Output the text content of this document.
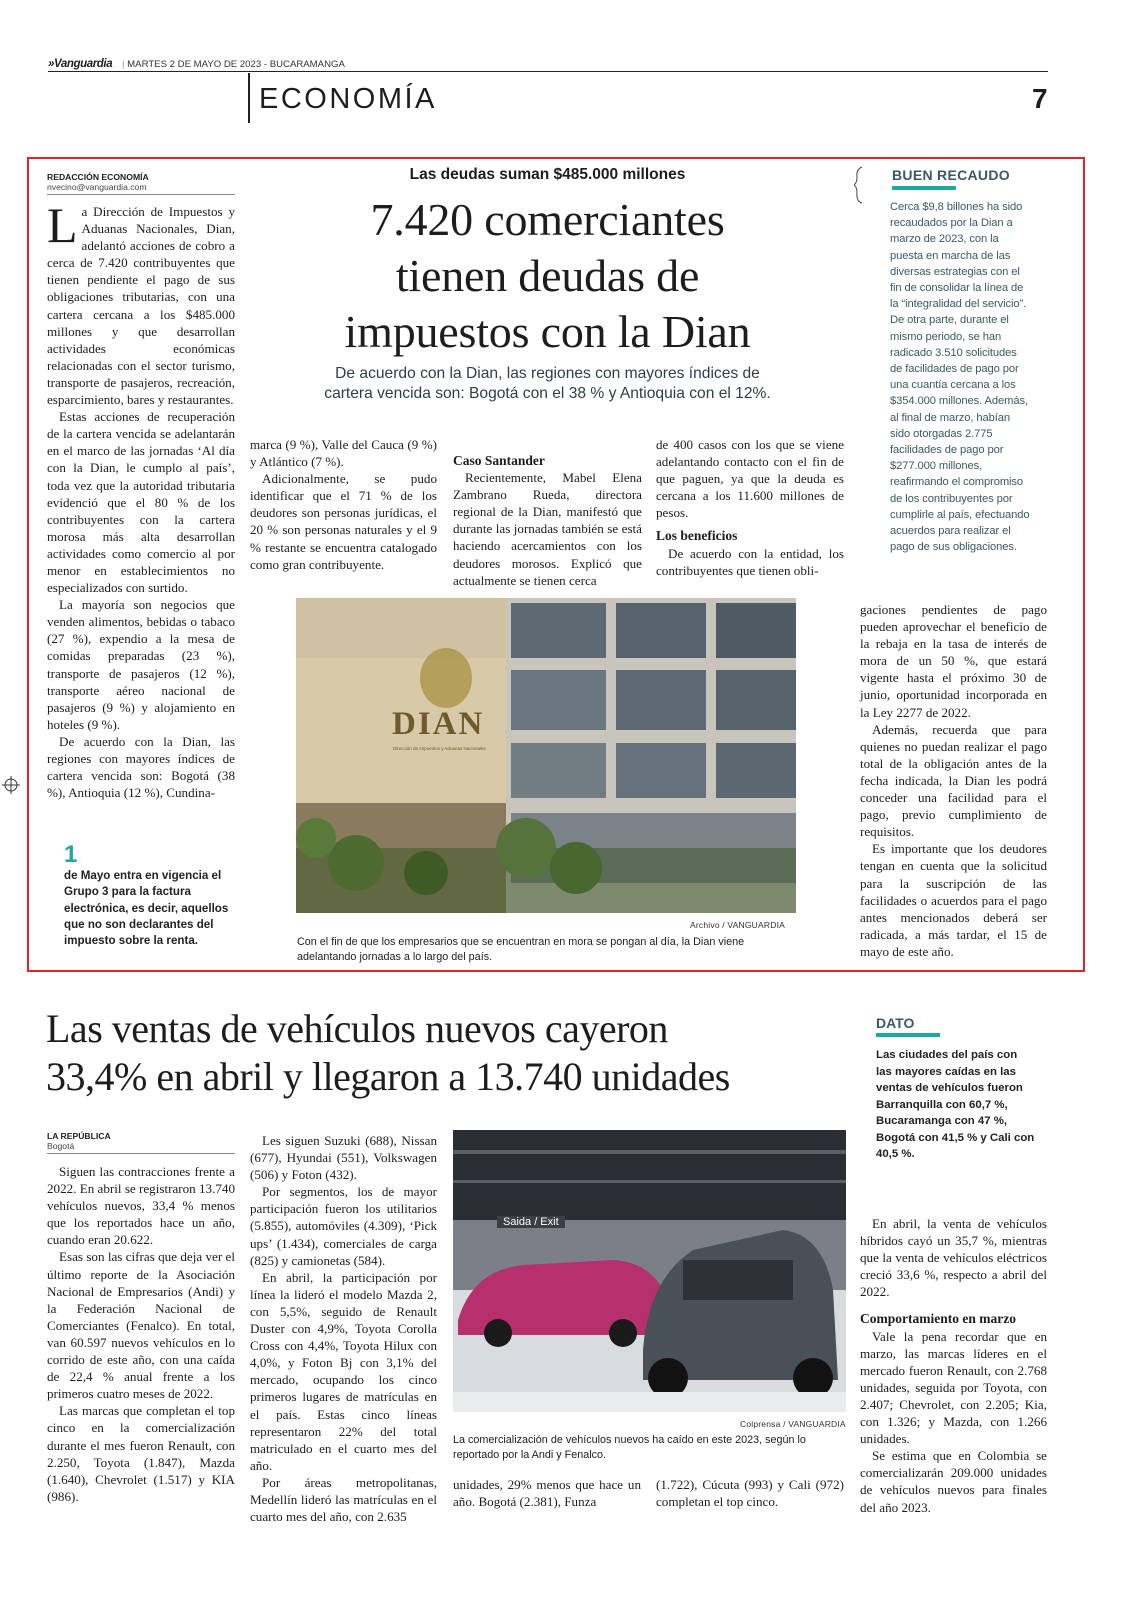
»Vanguardia | MARTES 2 DE MAYO DE 2023 - BUCARAMANGA
ECONOMÍA	7
REDACCIÓN ECONOMÍA
nvecino@vanguardia.com
Las deudas suman $485.000 millones
7.420 comerciantes
tienen deudas de
impuestos con la Dian
De acuerdo con la Dian, las regiones con mayores índices de
cartera vencida son: Bogotá con el 38 % y Antioquia con el 12%.

La Dirección de Impuestos y Aduanas Nacionales, Dian, adelantó acciones de cobro a cerca de 7.420 contribuyentes que tienen pendiente el pago de sus obligaciones tributarias, con una cartera cercana a los $485.000 millones y que desarrollan actividades económicas relacionadas con el sector turismo, transporte de pasajeros, recreación, esparcimiento, bares y restaurantes.

Estas acciones de recuperación de la cartera vencida se adelantarán en el marco de las jornadas ‘Al día con la Dian, le cumplo al país’, toda vez que la autoridad tributaria evidenció que el 80 % de los contribuyentes con la cartera morosa más alta desarrollan actividades como comercio al por menor en establecimientos no especializados con surtido.

La mayoría son negocios que venden alimentos, bebidas o tabaco (27 %), expendio a la mesa de comidas preparadas (23 %), transporte de pasajeros (12 %), transporte aéreo nacional de pasajeros (9 %) y alojamiento en hoteles (9 %).

De acuerdo con la Dian, las regiones con mayores índices de cartera vencida son: Bogotá (38 %), Antioquia (12 %), Cundina-

1
de Mayo entra en vigencia el Grupo 3 para la factura electrónica, es decir, aquellos que no son declarantes del impuesto sobre la renta.

marca (9 %), Valle del Cauca (9 %) y Atlántico (7 %).

Adicionalmente, se pudo identificar que el 71 % de los deudores son personas jurídicas, el 20 % son personas naturales y el 9 % restante se encuentra catalogado como gran contribuyente.

Caso Santander

Recientemente, Mabel Elena Zambrano Rueda, directora regional de la Dian, manifestó que durante las jornadas también se está haciendo acercamientos con los deudores morosos. Explicó que actualmente se tienen cerca

de 400 casos con los que se viene adelantando contacto con el fin de que paguen, ya que la deuda es cercana a los 11.600 millones de pesos.

Los beneficios

De acuerdo con la entidad, los contribuyentes que tienen obli-

BUEN RECAUDO
Cerca $9,8 billones ha sido recaudados por la Dian a marzo de 2023, con la puesta en marcha de las diversas estrategias con el fin de consolidar la línea de la “integralidad del servicio”. De otra parte, durante el mismo periodo, se han radicado 3.510 solicitudes de facilidades de pago por una cuantía cercana a los $354.000 millones. Además, al final de marzo, habían sido otorgadas 2.775 facilidades de pago por $277.000 millones, reafirmando el compromiso de los contribuyentes por cumplirle al país, efectuando acuerdos para realizar el pago de sus obligaciones.
DIAN
Dirección de Impuestos y Aduanas Nacionales
Archivo / VANGUARDIA
Con el fin de que los empresarios que se encuentran en mora se pongan al día, la Dian viene adelantando jornadas a lo largo del país.

gaciones pendientes de pago pueden aprovechar el beneficio de la rebaja en la tasa de interés de mora de un 50 %, que estará vigente hasta el próximo 30 de junio, oportunidad incorporada en la Ley 2277 de 2022.

Además, recuerda que para quienes no puedan realizar el pago total de la obligación antes de la fecha indicada, la Dian les podrá conceder una facilidad para el pago, previo cumplimiento de requisitos.

Es importante que los deudores tengan en cuenta que la solicitud para la suscripción de las facilidades o acuerdos para el pago antes mencionados deberá ser radicada, a más tardar, el 15 de mayo de este año.

Las ventas de vehículos nuevos cayeron
33,4% en abril y llegaron a 13.740 unidades
LA REPÚBLICA
Bogotá

Siguen las contracciones frente a 2022. En abril se registraron 13.740 vehículos nuevos, 33,4 % menos que los reportados hace un año, cuando eran 20.622.

Esas son las cifras que deja ver el último reporte de la Asociación Nacional de Empresarios (Andi) y la Federación Nacional de Comerciantes (Fenalco). En total, van 60.597 nuevos vehículos en lo corrido de este año, con una caída de 22,4 % anual frente a los primeros cuatro meses de 2022.

Las marcas que completan el top cinco en la comercialización durante el mes fueron Renault, con 2.250, Toyota (1.847), Mazda (1.640), Chevrolet (1.517) y KIA (986).

Les siguen Suzuki (688), Nissan (677), Hyundai (551), Volkswagen (506) y Foton (432).

Por segmentos, los de mayor participación fueron los utilitarios (5.855), automóviles (4.309), ‘Pick ups’ (1.434), comerciales de carga (825) y camionetas (584).

En abril, la participación por línea la lideró el modelo Mazda 2, con 5,5%, seguido de Renault Duster con 4,9%, Toyota Corolla Cross con 4,4%, Toyota Hilux con 4,0%, y Foton Bj con 3,1% del mercado, ocupando los cinco primeros lugares de matrículas en el país. Estas cinco líneas representaron 22% del total matriculado en el cuarto mes del año.

Por áreas metropolitanas, Medellín lideró las matrículas en el cuarto mes del año, con 2.635

Saida / Exit
Colprensa / VANGUARDIA
La comercialización de vehículos nuevos ha caído en este 2023, según lo reportado por la Andi y Fenalco.

unidades, 29% menos que hace un año. Bogotá (2.381), Funza

(1.722), Cúcuta (993) y Cali (972) completan el top cinco.

DATO
Las ciudades del país con las mayores caídas en las ventas de vehículos fueron Barranquilla con 60,7 %, Bucaramanga con 47 %, Bogotá con 41,5 % y Cali con 40,5 %.

En abril, la venta de vehículos híbridos cayó un 35,7 %, mientras que la venta de vehículos eléctricos creció 33,6 %, respecto a abril del 2022.

Comportamiento en marzo

Vale la pena recordar que en marzo, las marcas líderes en el mercado fueron Renault, con 2.768 unidades, seguida por Toyota, con 2.407; Chevrolet, con 2.205; Kia, con 1.326; y Mazda, con 1.266 unidades.

Se estima que en Colombia se comercializarán 209.000 unidades de vehículos nuevos para finales del año 2023.
